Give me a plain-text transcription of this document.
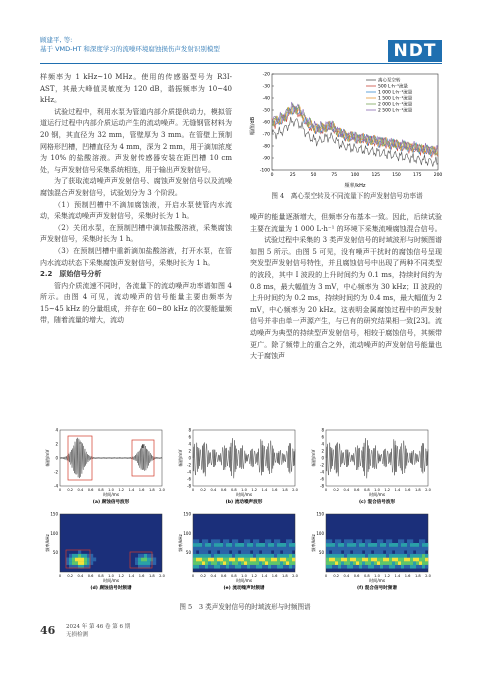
顾建平, 等:
基于 VMD-HT 和深度学习的流噪环境腐蚀损伤声发射识别模型	NDT

样频率为 1 kHz~10 MHz。使用的传感器型号为 R3I-AST，其最大峰值灵敏度为 120 dB，谐振频率为 10~40 kHz。

试验过程中，利用水泵为管道内部介质提供动力，模拟管道运行过程中内部介质运动产生的流动噪声。无缝钢管材料为 20 钢，其直径为 32 mm，管壁厚为 3 mm。在管壁上预制网格形凹槽，凹槽直径为 4 mm，深为 2 mm，用于滴加浓度为 10% 的盐酸溶液。声发射传感器安装在距凹槽 10 cm 处，与声发射信号采集系统相连，用于输出声发射信号。

为了获取流动噪声声发射信号、腐蚀声发射信号以及流噪腐蚀混合声发射信号，试验划分为 3 个阶段。

（1）预制凹槽中不滴加腐蚀液，开启水泵使管内水流动，采集流动噪声声发射信号，采集时长为 1 h。

（2）关闭水泵，在预制凹槽中滴加盐酸溶液，采集腐蚀声发射信号，采集时长为 1 h。

（3）在预制凹槽中重新滴加盐酸溶液，打开水泵，在管内水流动状态下采集腐蚀声发射信号，采集时长为 1 h。

2.2　原始信号分析

管内介质流速不同时，各流量下的流动噪声功率谱如图 4 所示。由图 4 可见，流动噪声的信号能量主要由频率为 15~45 kHz 的分量组成，并存在 60~80 kHz 的次要能量频带，随着流量的增大，流动

-20
-30
-40
-50
-60
-70
-80
-90
-100
0	25	50	75	100	125	150	175	200
幅值/dB
频率/kHz
离心泵空转
500 L·h⁻¹流量
1 000 L·h⁻¹流量
1 500 L·h⁻¹流量
2 000 L·h⁻¹流量
2 500 L·h⁻¹流量
图 4　离心泵空转及不同流量下的声发射信号功率谱

噪声的能量逐渐增大，但频率分布基本一致。因此，后续试验主要在流量为 1 000 L·h⁻¹ 的环境下采集流噪腐蚀混合信号。

试验过程中采集的 3 类声发射信号的时域波形与时频图谱如图 5 所示。由图 5 可见，没有噪声干扰时的腐蚀信号呈现突发型声发射信号特性，并且腐蚀信号中出现了两种不同类型的波段，其中 I 波段的上升时间约为 0.1 ms，持续时间约为 0.8 ms，最大幅值为 3 mV，中心频率为 30 kHz；II 波段的上升时间约为 0.2 ms，持续时间约为 0.4 ms，最大幅值为 2 mV，中心频率为 20 kHz。这表明金属腐蚀过程中的声发射信号并非由单一声源产生，与已有的研究结果相一致[23]。流动噪声为典型的持续型声发射信号，相较于腐蚀信号，其频带更广。除了频带上的重合之外，流动噪声的声发射信号能量也大于腐蚀声

4
2
0
-2
-4
0 0.2 0.4 0.6 0.8 1.0 1.2 1.4 1.6 1.8 2.0
时间/ms
幅值/mV
(a) 腐蚀信号波形
8
6
4
2
0
-2
-4
-6
-8
0 0.2 0.4 0.6 0.8 1.0 1.2 1.4 1.6 1.8 2.0
时间/ms
幅值/mV
(b) 流动噪声波形
8
6
4
2
0
-2
-4
-6
-8
0 0.2 0.4 0.6 0.8 1.0 1.2 1.4 1.6 1.8 2.0
时间/ms
幅值/mV
(c) 混合信号波形
I
II
150
100
50
0 0.2 0.4 0.6 0.8 1.0 1.2 1.4 1.6 1.8 2.0
时间/ms
频率/kHz
(d) 腐蚀信号时频谱
150
100
50
0 0.2 0.4 0.6 0.8 1.0 1.2 1.4 1.6 1.8 2.0
时间/ms
频率/kHz
(e) 流动噪声时频谱
150
100
50
0 0.2 0.4 0.6 0.8 1.0 1.2 1.4 1.6 1.8 2.0
时间/ms
频率/kHz
(f) 混合信号时频谱
图 5　3 类声发射信号的时域波形与时频图谱
46 2024 年 第 46 卷 第 6 期
无损检测
